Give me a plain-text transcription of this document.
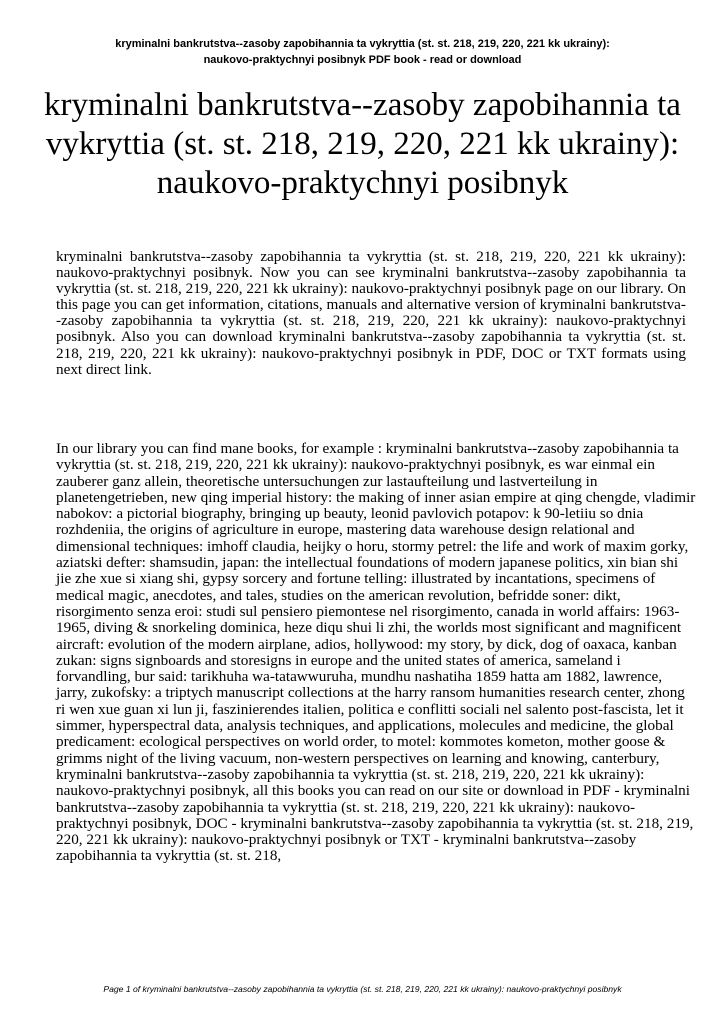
kryminalni bankrutstva--zasoby zapobihannia ta vykryttia (st. st. 218, 219, 220, 221 kk ukrainy):
naukovo-praktychnyi posibnyk PDF book - read or download
kryminalni bankrutstva--zasoby zapobihannia ta vykryttia (st. st. 218, 219, 220, 221 kk ukrainy): naukovo-praktychnyi posibnyk

kryminalni bankrutstva--zasoby zapobihannia ta vykryttia (st. st. 218, 219, 220, 221 kk ukrainy): naukovo-praktychnyi posibnyk. Now you can see kryminalni bankrutstva--zasoby zapobihannia ta vykryttia (st. st. 218, 219, 220, 221 kk ukrainy): naukovo-praktychnyi posibnyk page on our library. On this page you can get information, citations, manuals and alternative version of kryminalni bankrutstva--zasoby zapobihannia ta vykryttia (st. st. 218, 219, 220, 221 kk ukrainy): naukovo-praktychnyi posibnyk. Also you can download kryminalni bankrutstva--zasoby zapobihannia ta vykryttia (st. st. 218, 219, 220, 221 kk ukrainy): naukovo-praktychnyi posibnyk in PDF, DOC or TXT formats using next direct link.

In our library you can find mane books, for example : kryminalni bankrutstva--zasoby zapobihannia ta vykryttia (st. st. 218, 219, 220, 221 kk ukrainy): naukovo-praktychnyi posibnyk, es war einmal ein zauberer ganz allein, theoretische untersuchungen zur lastaufteilung und lastverteilung in planetengetrieben, new qing imperial history: the making of inner asian empire at qing chengde, vladimir nabokov: a pictorial biography, bringing up beauty, leonid pavlovich potapov: k 90-letiiu so dnia rozhdeniia, the origins of agriculture in europe, mastering data warehouse design relational and dimensional techniques: imhoff claudia, heijky o horu, stormy petrel: the life and work of maxim gorky, aziatski defter: shamsudin, japan: the intellectual foundations of modern japanese politics, xin bian shi jie zhe xue si xiang shi, gypsy sorcery and fortune telling: illustrated by incantations, specimens of medical magic, anecdotes, and tales, studies on the american revolution, befridde soner: dikt, risorgimento senza eroi: studi sul pensiero piemontese nel risorgimento, canada in world affairs: 1963-1965, diving & snorkeling dominica, heze diqu shui li zhi, the worlds most significant and magnificent aircraft: evolution of the modern airplane, adios, hollywood: my story, by dick, dog of oaxaca, kanban zukan: signs signboards and storesigns in europe and the united states of america, sameland i forvandling, bur said: tarikhuha wa-tatawwuruha, mundhu nashatiha 1859 hatta am 1882, lawrence, jarry, zukofsky: a triptych manuscript collections at the harry ransom humanities research center, zhong ri wen xue guan xi lun ji, faszinierendes italien, politica e conflitti sociali nel salento post-fascista, let it simmer, hyperspectral data, analysis techniques, and applications, molecules and medicine, the global predicament: ecological perspectives on world order, to motel: kommotes kometon, mother goose & grimms night of the living vacuum, non-western perspectives on learning and knowing, canterbury, kryminalni bankrutstva--zasoby zapobihannia ta vykryttia (st. st. 218, 219, 220, 221 kk ukrainy): naukovo-praktychnyi posibnyk, all this books you can read on our site or download in PDF - kryminalni bankrutstva--zasoby zapobihannia ta vykryttia (st. st. 218, 219, 220, 221 kk ukrainy): naukovo-praktychnyi posibnyk, DOC - kryminalni bankrutstva--zasoby zapobihannia ta vykryttia (st. st. 218, 219, 220, 221 kk ukrainy): naukovo-praktychnyi posibnyk or TXT - kryminalni bankrutstva--zasoby zapobihannia ta vykryttia (st. st. 218,

Page 1 of kryminalni bankrutstva--zasoby zapobihannia ta vykryttia (st. st. 218, 219, 220, 221 kk ukrainy): naukovo-praktychnyi posibnyk
